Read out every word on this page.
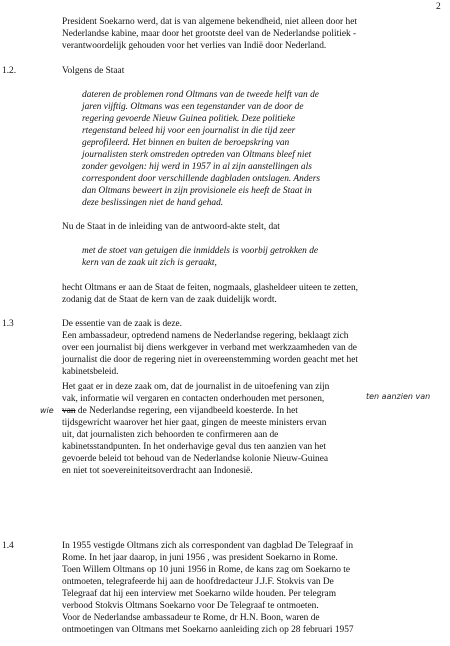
2
President Soekarno werd, dat is van algemene bekendheid, niet alleen door het
Nederlandse kabine, maar door het grootste deel van de Nederlandse politiek -
verantwoordelijk gehouden voor het verlies van Indië door Nederland.
1.2.	Volgens de Staat
dateren de problemen rond Oltmans van de tweede helft van de
jaren vijftig. Oltmans was een tegenstander van de door de
regering gevoerde Nieuw Guinea politiek. Deze politieke
rtegenstand beleed hij voor een journalist in die tijd zeer
geprofileerd. Het binnen en buiten de beroepskring van
journalisten sterk omstreden optreden van Oltmans bleef niet
zonder gevolgen: hij werd in 1957 in al zijn aanstellingen als
correspondent door verschillende dagbladen ontslagen. Anders
dan Oltmans beweert in zijn provisionele eis heeft de Staat in
deze beslissingen niet de hand gehad.
Nu de Staat in de inleiding van de antwoord-akte stelt, dat
met de stoet van getuigen die inmiddels is voorbij getrokken de
kern van de zaak uit zich is geraakt,
hecht Oltmans er aan de Staat de feiten, nogmaals, glasheldeer uiteen te zetten,
zodanig dat de Staat de kern van de zaak duidelijk wordt.
1.3	De essentie van de zaak is deze.
Een ambassadeur, optredend namens de Nederlandse regering, beklaagt zich
over een journalist bij diens werkgever in verband met werkzaamheden van de
journalist die door de regering niet in overeenstemming worden geacht met het
kabinetsbeleid.
Het gaat er in deze zaak om, dat de journalist in de uitoefening van zijn
vak, informatie wil vergaren en contacten onderhouden met personen,	ten aanzien van
wie van de Nederlandse regering, een vijandbeeld koesterde. In het
tijdsgewricht waarover het hier gaat, gingen de meeste ministers ervan
uit, dat journalisten zich behoorden te confirmeren aan de
kabinetsstandpunten. In het onderhavige geval dus ten aanzien van het
gevoerde beleid tot behoud van de Nederlandse kolonie Nieuw-Guinea
en niet tot soevereiniteitsoverdracht aan Indonesië.
1.4	In 1955 vestigde Oltmans zich als correspondent van dagblad De Telegraaf in
Rome. In het jaar daarop, in juni 1956 , was president Soekarno in Rome.
Toen Willem Oltmans op 10 juni 1956 in Rome, de kans zag om Soekarno te
ontmoeten, telegrafeerde hij aan de hoofdredacteur J.J.F. Stokvis van De
Telegraaf dat hij een interview met Soekarno wilde houden. Per telegram
verbood Stokvis Oltmans Soekarno voor De Telegraaf te ontmoeten.
Voor de Nederlandse ambassadeur te Rome, dr H.N. Boon, waren de
ontmoetingen van Oltmans met Soekarno aanleiding zich op 28 februari 1957
